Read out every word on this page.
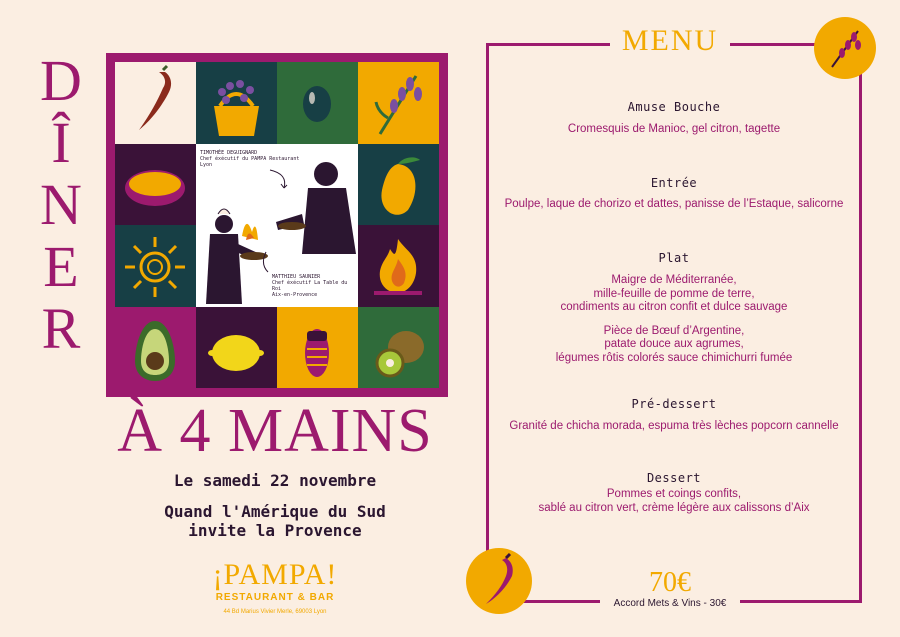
D
Î
N
E
R
TIMOTHÉE DEGUIGNARD
Chef éxécutif du PAMPA Restaurant
Lyon
MATTHIEU SAUNIER
Chef éxécutif La Table du Roi
Aix-en-Provence
À 4 MAINS
Le samedi 22 novembre
Quand l'Amérique du Sud
invite la Provence
¡PAMPA!
RESTAURANT & BAR
44 Bd Marius Vivier Merle, 69003 Lyon
MENU
Amuse Bouche
Cromesquis de Manioc, gel citron, tagette
Entrée
Poulpe, laque de chorizo et dattes, panisse de l’Estaque, salicorne
Plat
Maigre de Méditerranée,
mille-feuille de pomme de terre,
condiments au citron confit et dulce sauvage
Pièce de Bœuf d’Argentine,
patate douce aux agrumes,
légumes rôtis colorés sauce chimichurri fumée
Pré-dessert
Granité de chicha morada, espuma très lèches popcorn cannelle
Dessert
Pommes et coings confits,
sablé au citron vert, crème légère aux calissons d’Aix
70€
Accord Mets & Vins - 30€
